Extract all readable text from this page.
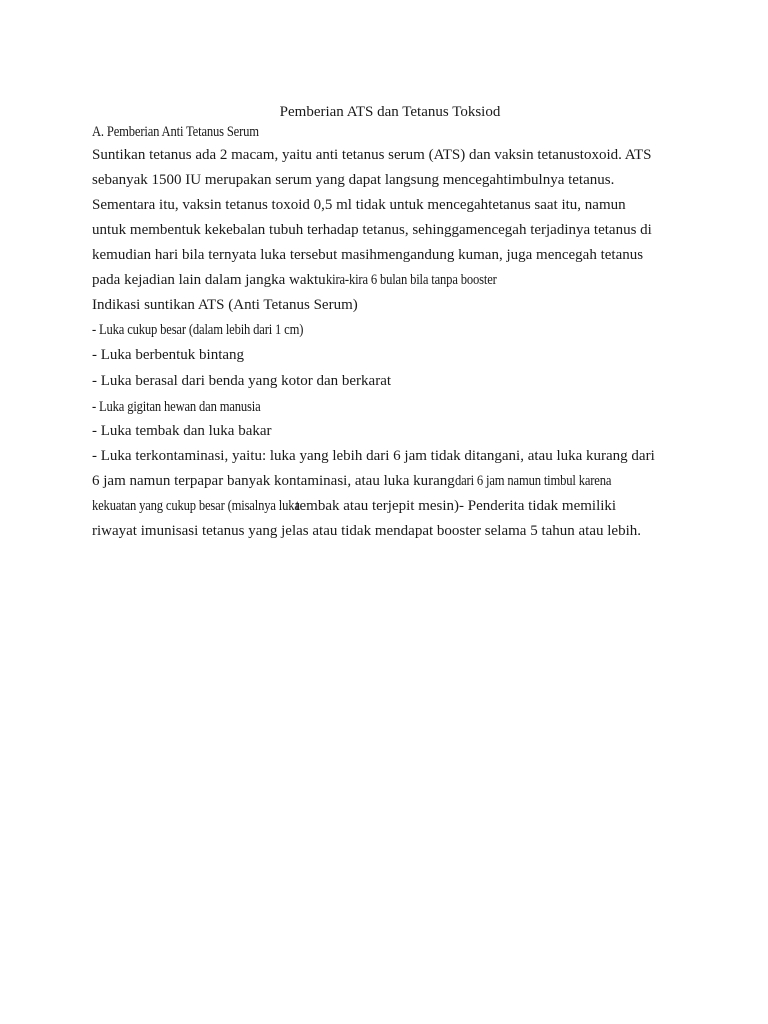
Pemberian ATS dan Tetanus Toksiod
A. Pemberian Anti Tetanus Serum
Suntikan tetanus ada 2 macam, yaitu anti tetanus serum (ATS) dan vaksin tetanustoxoid. ATS
sebanyak 1500 IU merupakan serum yang dapat langsung mencegahtimbulnya tetanus.
Sementara itu, vaksin tetanus toxoid 0,5 ml tidak untuk mencegahtetanus saat itu, namun
untuk membentuk kekebalan tubuh terhadap tetanus, sehinggamencegah terjadinya tetanus di
kemudian hari bila ternyata luka tersebut masihmengandung kuman, juga mencegah tetanus
pada kejadian lain dalam jangka waktukira-kira 6 bulan bila tanpa booster
Indikasi suntikan ATS (Anti Tetanus Serum)
- Luka cukup besar (dalam lebih dari 1 cm)
- Luka berbentuk bintang
- Luka berasal dari benda yang kotor dan berkarat
- Luka gigitan hewan dan manusia
- Luka tembak dan luka bakar
- Luka terkontaminasi, yaitu: luka yang lebih dari 6 jam tidak ditangani, atau luka kurang dari
6 jam namun terpapar banyak kontaminasi, atau luka kurangdari 6 jam namun timbul karena
kekuatan yang cukup besar (misalnya lukatembak atau terjepit mesin)- Penderita tidak memiliki
riwayat imunisasi tetanus yang jelas atau tidak mendapat booster selama 5 tahun atau lebih.
